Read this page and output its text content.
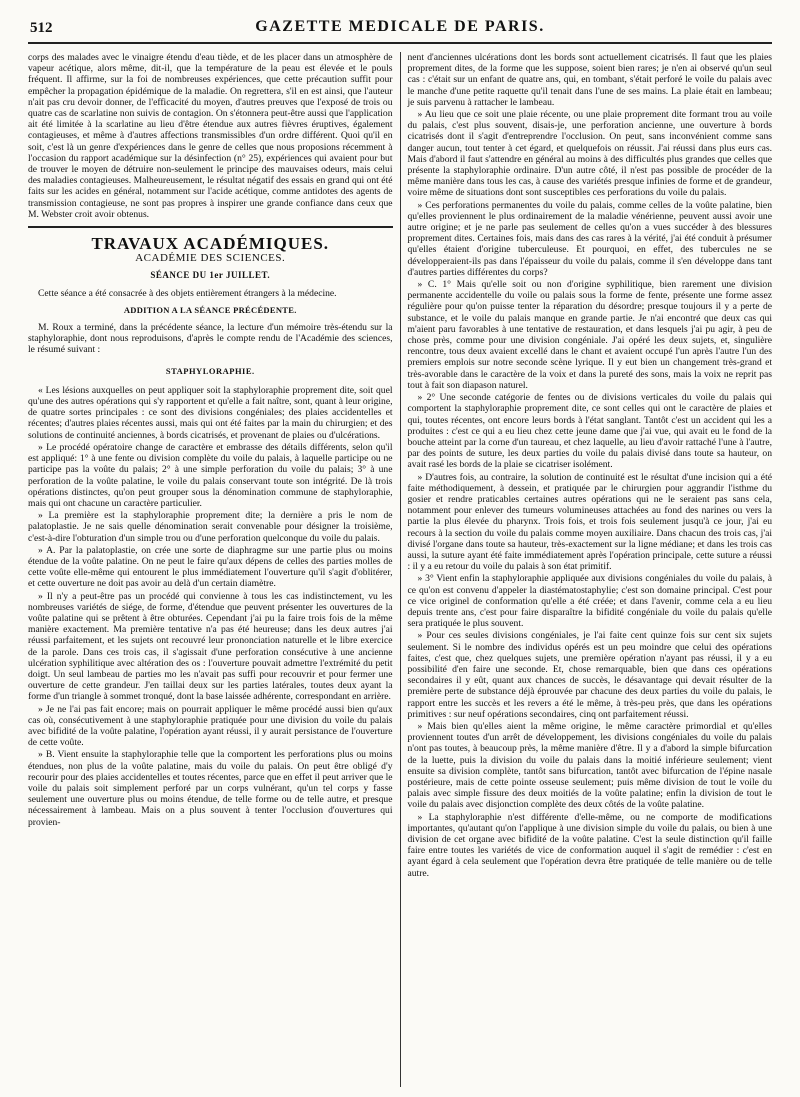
512	GAZETTE MEDICALE DE PARIS.

corps des malades avec le vinaigre étendu d'eau tiède, et de les placer dans un atmosphère de vapeur acétique, alors même, dit-il, que la température de la peau est élevée et le pouls fréquent. Il affirme, sur la foi de nombreuses expériences, que cette précaution suffit pour empêcher la propagation épidémique de la maladie. On regrettera, s'il en est ainsi, que l'auteur n'ait pas cru devoir donner, de l'efficacité du moyen, d'autres preuves que l'exposé de trois ou quatre cas de scarlatine non suivis de contagion. On s'étonnera peut-être aussi que l'application ait été limitée à la scarlatine au lieu d'être étendue aux autres fièvres éruptives, également contagieuses, et même à d'autres affections transmissibles d'un ordre différent. Quoi qu'il en soit, c'est là un genre d'expériences dans le genre de celles que nous proposions récemment à l'occasion du rapport académique sur la désinfection (n° 25), expériences qui avaient pour but de trouver le moyen de détruire non-seulement le principe des mauvaises odeurs, mais celui des maladies contagieuses. Malheureusement, le résultat négatif des essais en grand qui ont été faits sur les acides en général, notamment sur l'acide acétique, comme antidotes des agents de transmission contagieuse, ne sont pas propres à inspirer une grande confiance dans ceux que M. Webster croit avoir obtenus.

TRAVAUX ACADÉMIQUES.
ACADÉMIE DES SCIENCES.
SÉANCE DU 1er JUILLET.

Cette séance a été consacrée à des objets entièrement étrangers à la médecine.

ADDITION A LA SÉANCE PRÉCÉDENTE.

M. Roux a terminé, dans la précédente séance, la lecture d'un mémoire très-étendu sur la staphyloraphie, dont nous reproduisons, d'après le compte rendu de l'Académie des sciences, le résumé suivant :

STAPHYLORAPHIE.

« Les lésions auxquelles on peut appliquer soit la staphyloraphie proprement dite, soit quel qu'une des autres opérations qui s'y rapportent et qu'elle a fait naître, sont, quant à leur origine, de quatre sortes principales : ce sont des divisions congéniales; des plaies accidentelles et récentes; d'autres plaies récentes aussi, mais qui ont été faites par la main du chirurgien; et des solutions de continuité anciennes, à bords cicatrisés, et provenant de plaies ou d'ulcérations.

» Le procédé opératoire change de caractère et embrasse des détails différents, selon qu'il est appliqué: 1° à une fente ou division complète du voile du palais, à laquelle participe ou ne participe pas la voûte du palais; 2° à une simple perforation du voile du palais; 3° à une perforation de la voûte palatine, le voile du palais conservant toute son intégrité. De là trois opérations distinctes, qu'on peut grouper sous la dénomination commune de staphyloraphie, mais qui ont chacune un caractère particulier.

» La première est la staphyloraphie proprement dite; la dernière a pris le nom de palatoplastie. Je ne sais quelle dénomination serait convenable pour désigner la troisième, c'est-à-dire l'obturation d'un simple trou ou d'une perforation quelconque du voile du palais.

» A. Par la palatoplastie, on crée une sorte de diaphragme sur une partie plus ou moins étendue de la voûte palatine. On ne peut le faire qu'aux dépens de celles des parties molles de cette voûte elle-même qui entourent le plus immédiatement l'ouverture qu'il s'agit d'oblitérer, et cette ouverture ne doit pas avoir au delà d'un certain diamètre.

» Il n'y a peut-être pas un procédé qui convienne à tous les cas indistinctement, vu les nombreuses variétés de siége, de forme, d'étendue que peuvent présenter les ouvertures de la voûte palatine qui se prêtent à être obturées. Cependant j'ai pu la faire trois fois de la même manière exactement. Ma première tentative n'a pas été heureuse; dans les deux autres j'ai réussi parfaitement, et les sujets ont recouvré leur prononciation naturelle et le libre exercice de la parole. Dans ces trois cas, il s'agissait d'une perforation consécutive à une ancienne ulcération syphilitique avec altération des os : l'ouverture pouvait admettre l'extrémité du petit doigt. Un seul lambeau de parties mo les n'avait pas suffi pour recouvrir et pour fermer une ouverture de cette grandeur. J'en taillai deux sur les parties latérales, toutes deux ayant la forme d'un triangle à sommet tronqué, dont la base laissée adhérente, correspondant en arrière.

» Je ne l'ai pas fait encore; mais on pourrait appliquer le même procédé aussi bien qu'aux cas où, consécutivement à une staphyloraphie pratiquée pour une division du voile du palais avec bifidité de la voûte palatine, l'opération ayant réussi, il y aurait persistance de l'ouverture de cette voûte.

» B. Vient ensuite la staphyloraphie telle que la comportent les perforations plus ou moins étendues, non plus de la voûte palatine, mais du voile du palais. On peut être obligé d'y recourir pour des plaies accidentelles et toutes récentes, parce que en effet il peut arriver que le voile du palais soit simplement perforé par un corps vulnérant, qu'un tel corps y fasse seulement une ouverture plus ou moins étendue, de telle forme ou de telle autre, et presque nécessairement à lambeau. Mais on a plus souvent à tenter l'occlusion d'ouvertures qui provien-

nent d'anciennes ulcérations dont les bords sont actuellement cicatrisés. Il faut que les plaies proprement dites, de la forme que les suppose, soient bien rares; je n'en ai observé qu'un seul cas : c'était sur un enfant de quatre ans, qui, en tombant, s'était perforé le voile du palais avec le manche d'une petite raquette qu'il tenait dans l'une de ses mains. La plaie était en lambeau; je suis parvenu à rattacher le lambeau.

» Au lieu que ce soit une plaie récente, ou une plaie proprement dite formant trou au voile du palais, c'est plus souvent, disais-je, une perforation ancienne, une ouverture à bords cicatrisés dont il s'agit d'entreprendre l'occlusion. On peut, sans inconvénient comme sans danger aucun, tout tenter à cet égard, et quelquefois on réussit. J'ai réussi dans plus eurs cas. Mais d'abord il faut s'attendre en général au moins à des difficultés plus grandes que celles que présente la staphyloraphie ordinaire. D'un autre côté, il n'est pas possible de procéder de la même manière dans tous les cas, à cause des variétés presque infinies de forme et de grandeur, voire même de situations dont sont susceptibles ces perforations du voile du palais.

» Ces perforations permanentes du voile du palais, comme celles de la voûte palatine, bien qu'elles proviennent le plus ordinairement de la maladie vénérienne, peuvent aussi avoir une autre origine; et je ne parle pas seulement de celles qu'on a vues succéder à des blessures proprement dites. Certaines fois, mais dans des cas rares à la vérité, j'ai été conduit à présumer qu'elles étaient d'origine tuberculeuse. Et pourquoi, en effet, des tubercules ne se développeraient-ils pas dans l'épaisseur du voile du palais, comme il s'en développe dans tant d'autres parties différentes du corps?

» C. 1° Mais qu'elle soit ou non d'origine syphilitique, bien rarement une division permanente accidentelle du voile ou palais sous la forme de fente, présente une forme assez régulière pour qu'on puisse tenter la réparation du désordre; presque toujours il y a perte de substance, et le voile du palais manque en grande partie. Je n'ai encontré que deux cas qui m'aient paru favorables à une tentative de restauration, et dans lesquels j'ai pu agir, à peu de chose près, comme pour une division congéniale. J'ai opéré les deux sujets, et, singulière rencontre, tous deux avaient excellé dans le chant et avaient occupé l'un après l'autre l'un des premiers emplois sur notre seconde scène lyrique. Il y eut bien un changement très-grand et très-avorable dans le caractère de la voix et dans la pureté des sons, mais la voix ne reprit pas tout à fait son diapason naturel.

» 2° Une seconde catégorie de fentes ou de divisions verticales du voile du palais qui comportent la staphyloraphie proprement dite, ce sont celles qui ont le caractère de plaies et qui, toutes récentes, ont encore leurs bords à l'état sanglant. Tantôt c'est un accident qui les a produites : c'est ce qui a eu lieu chez cette jeune dame que j'ai vue, qui avait eu le fond de la bouche atteint par la corne d'un taureau, et chez laquelle, au lieu d'avoir rattaché l'une à l'autre, par des points de suture, les deux parties du voile du palais divisé dans toute sa hauteur, on avait rasé les bords de la plaie se cicatriser isolément.

» D'autres fois, au contraire, la solution de continuité est le résultat d'une incision qui a été faite méthodiquement, à dessein, et pratiquée par le chirurgien pour aggrandir l'isthme du gosier et rendre praticables certaines autres opérations qui ne le seraient pas sans cela, notamment pour enlever des tumeurs volumineuses attachées au fond des narines ou vers la partie la plus élevée du pharynx. Trois fois, et trois fois seulement jusqu'à ce jour, j'ai eu recours à la section du voile du palais comme moyen auxiliaire. Dans chacun des trois cas, j'ai divisé l'organe dans toute sa hauteur, très-exactement sur la ligne médiane; et dans les trois cas aussi, la suture ayant été faite immédiatement après l'opération principale, cette suture a réussi : il y a eu retour du voile du palais à son état primitif.

» 3° Vient enfin la staphyloraphie appliquée aux divisions congéniales du voile du palais, à ce qu'on est convenu d'appeler la diastématostaphylie; c'est son domaine principal. C'est pour ce vice originel de conformation qu'elle a été créée; et dans l'avenir, comme cela a eu lieu depuis trente ans, c'est pour faire disparaître la bifidité congéniale du voile du palais qu'elle sera pratiquée le plus souvent.

» Pour ces seules divisions congéniales, je l'ai faite cent quinze fois sur cent six sujets seulement. Si le nombre des individus opérés est un peu moindre que celui des opérations faites, c'est que, chez quelques sujets, une première opération n'ayant pas réussi, il y a eu possibilité d'en faire une seconde. Et, chose remarquable, bien que dans ces opérations secondaires il y eût, quant aux chances de succès, le désavantage qui devait résulter de la première perte de substance déjà éprouvée par chacune des deux parties du voile du palais, le rapport entre les succès et les revers a été le même, à très-peu près, que dans les opérations primitives : sur neuf opérations secondaires, cinq ont parfaitement réussi.

» Mais bien qu'elles aient la même origine, le même caractère primordial et qu'elles proviennent toutes d'un arrêt de développement, les divisions congéniales du voile du palais n'ont pas toutes, à beaucoup près, la même manière d'être. Il y a d'abord la simple bifurcation de la luette, puis la division du voile du palais dans la moitié inférieure seulement; vient ensuite sa division complète, tantôt sans bifurcation, tantôt avec bifurcation de l'épine nasale postérieure, mais de cette pointe osseuse seulement; puis même division de tout le voile du palais avec simple fissure des deux moitiés de la voûte palatine; enfin la division de tout le voile du palais avec disjonction complète des deux côtés de la voûte palatine.

» La staphyloraphie n'est différente d'elle-même, ou ne comporte de modifications importantes, qu'autant qu'on l'applique à une division simple du voile du palais, ou bien à une division de cet organe avec bifidité de la voûte palatine. C'est la seule distinction qu'il faille faire entre toutes les variétés de vice de conformation auquel il s'agit de remédier : c'est en ayant égard à cela seulement que l'opération devra être pratiquée de telle manière ou de telle autre.
